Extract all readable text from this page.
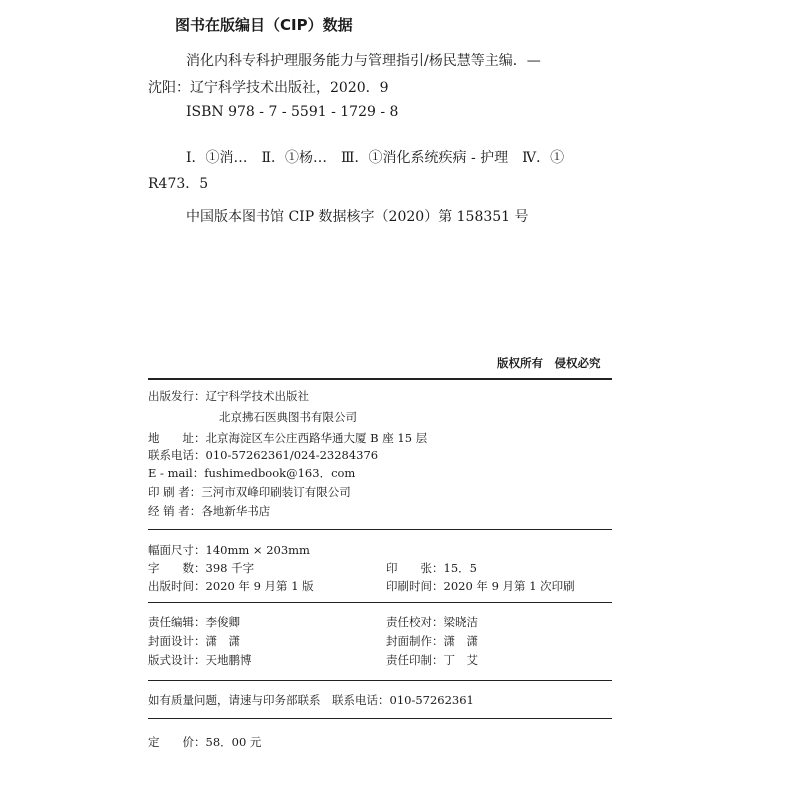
图书在版编目（CIP）数据
消化内科专科护理服务能力与管理指引/杨民慧等主编．—
沈阳：辽宁科学技术出版社，2020．9
ISBN 978 - 7 - 5591 - 1729 - 8
Ⅰ．①消…　Ⅱ．①杨…　Ⅲ．①消化系统疾病 - 护理　Ⅳ．①
R473．5
中国版本图书馆 CIP 数据核字（2020）第 158351 号
版权所有　侵权必究
出版发行：辽宁科学技术出版社
北京拂石医典图书有限公司
地　　址：北京海淀区车公庄西路华通大厦 B 座 15 层
联系电话：010-57262361/024-23284376
E - mail：fushimedbook@163．com
印 刷 者：三河市双峰印刷装订有限公司
经 销 者：各地新华书店
幅面尺寸：140mm × 203mm
字　　数：398 千字	印　　张：15．5
出版时间：2020 年 9 月第 1 版	印刷时间：2020 年 9 月第 1 次印刷
责任编辑：李俊卿	责任校对：梁晓洁
封面设计：潇　潇	封面制作：潇　潇
版式设计：天地鹏博	责任印制：丁　艾
如有质量问题，请速与印务部联系　联系电话：010-57262361
定　　价：58．00 元
